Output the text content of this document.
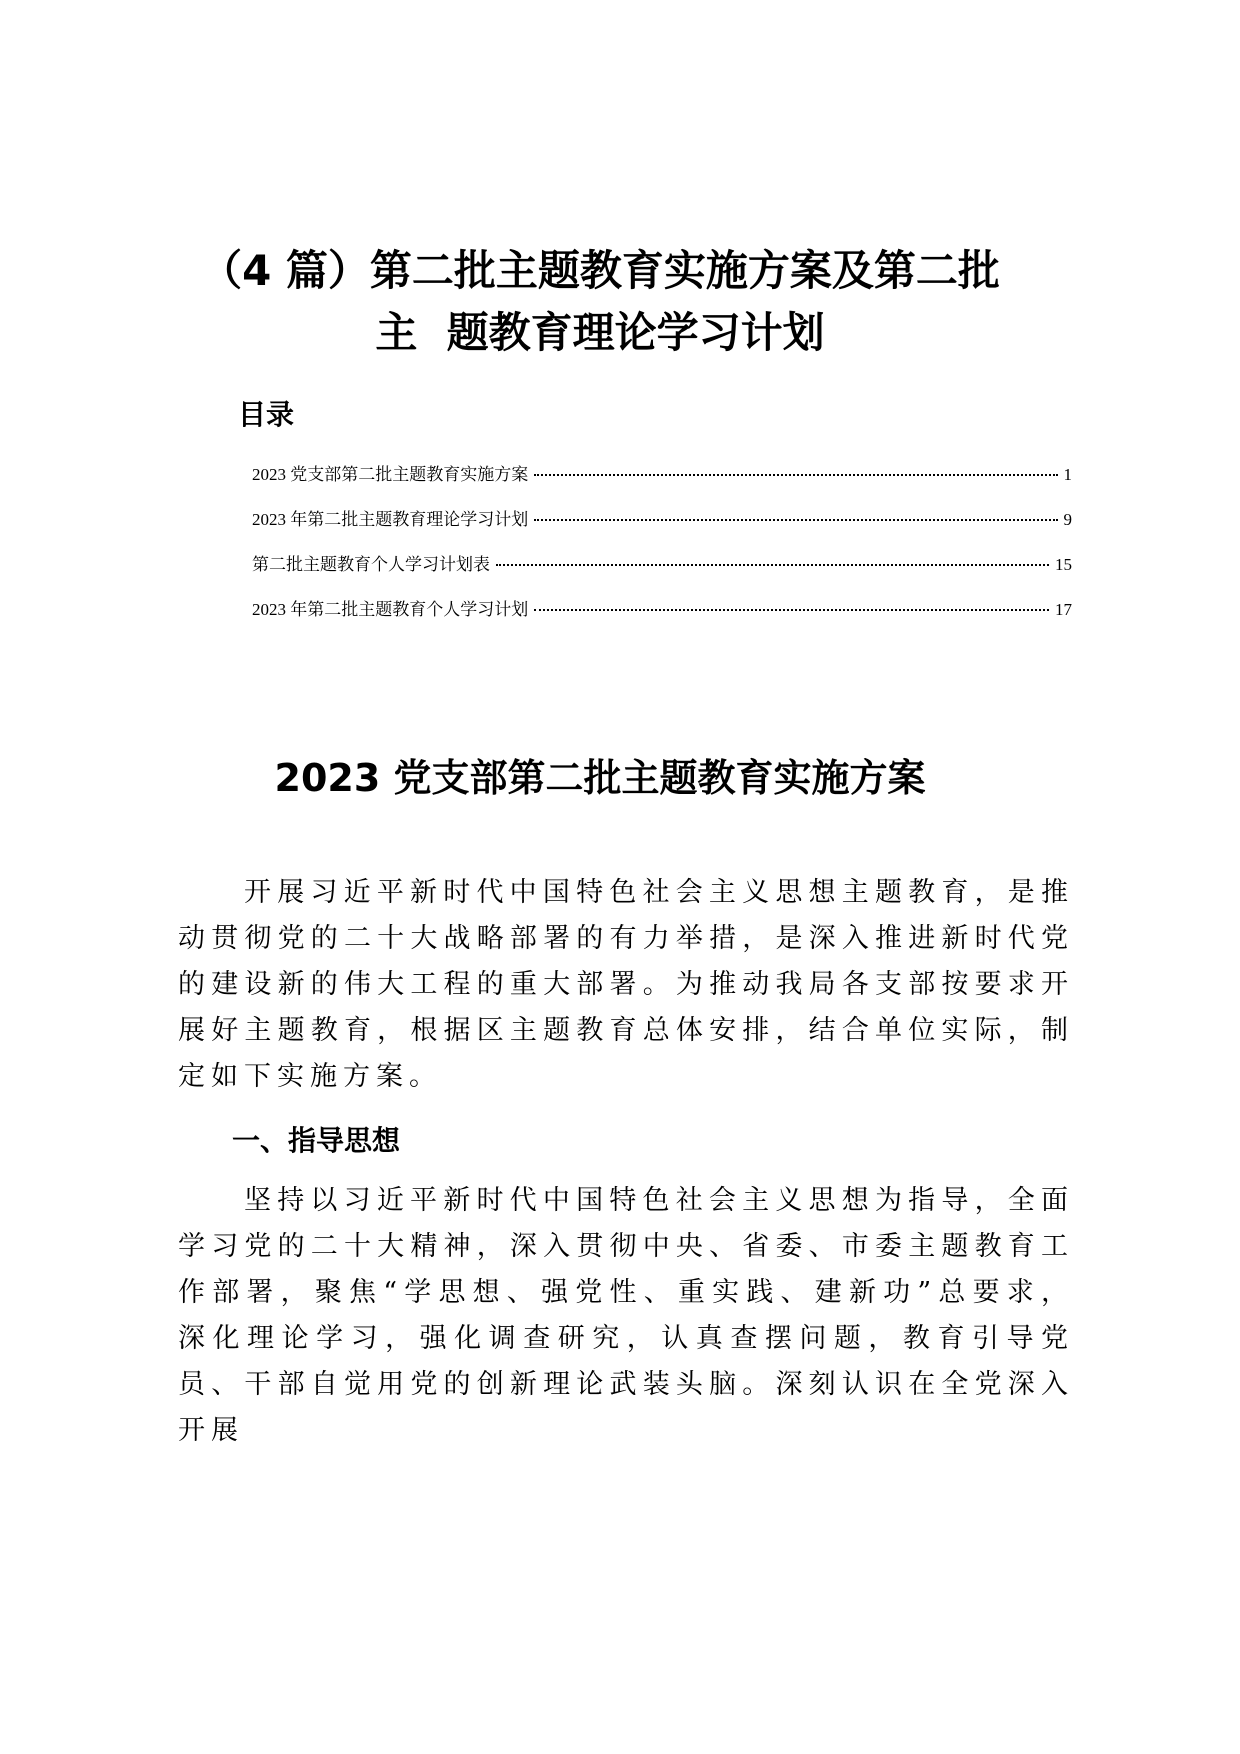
（4 篇）第二批主题教育实施方案及第二批
主  题教育理论学习计划
目录
2023 党支部第二批主题教育实施方案	1
2023 年第二批主题教育理论学习计划	9
第二批主题教育个人学习计划表	15
2023 年第二批主题教育个人学习计划	17
2023 党支部第二批主题教育实施方案

开展习近平新时代中国特色社会主义思想主题教育，是推动贯彻党的二十大战略部署的有力举措，是深入推进新时代党的建设新的伟大工程的重大部署。为推动我局各支部按要求开展好主题教育，根据区主题教育总体安排，结合单位实际，制定如下实施方案。

一、指导思想

坚持以习近平新时代中国特色社会主义思想为指导，全面学习党的二十大精神，深入贯彻中央、省委、市委主题教育工作部署，聚焦“学思想、强党性、重实践、建新功”总要求，深化理论学习，强化调查研究，认真查摆问题，教育引导党员、干部自觉用党的创新理论武装头脑。深刻认识在全党深入开展
